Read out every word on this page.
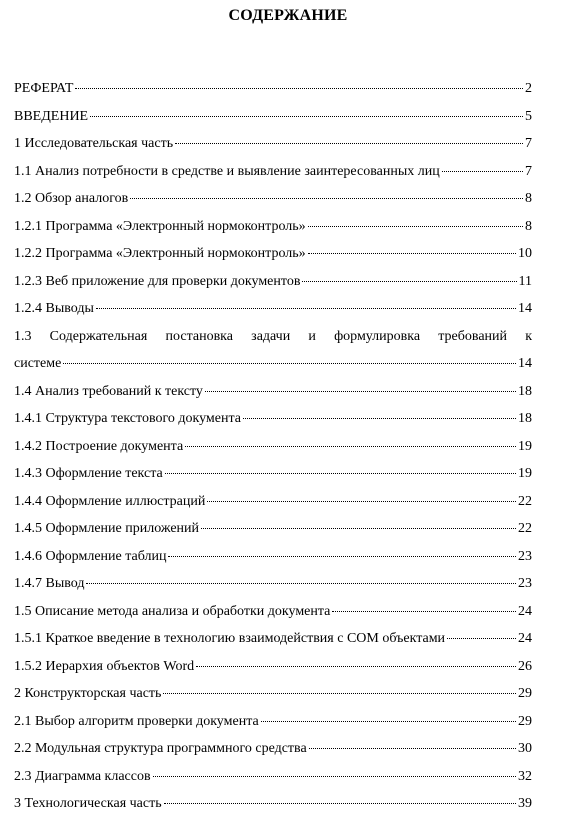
СОДЕРЖАНИЕ
РЕФЕРАТ	2
ВВЕДЕНИЕ	5
1 Исследовательская часть	7
1.1 Анализ потребности в средстве и выявление заинтересованных лиц	7
1.2 Обзор аналогов	8
1.2.1 Программа «Электронный нормоконтроль»	8
1.2.2 Программа «Электронный нормоконтроль»	10
1.2.3 Веб приложение для проверки документов	11
1.2.4 Выводы	14
1.3 Содержательная постановка задачи и формулировка требований к
системе	14
1.4 Анализ требований к тексту	18
1.4.1 Структура текстового документа	18
1.4.2 Построение документа	19
1.4.3 Оформление текста	19
1.4.4 Оформление иллюстраций	22
1.4.5 Оформление приложений	22
1.4.6 Оформление таблиц	23
1.4.7 Вывод	23
1.5 Описание метода анализа и обработки документа	24
1.5.1 Краткое введение в технологию взаимодействия с COM объектами	24
1.5.2 Иерархия объектов Word	26
2 Конструкторская часть	29
2.1 Выбор алгоритм проверки документа	29
2.2 Модульная структура программного средства	30
2.3 Диаграмма классов	32
3 Технологическая часть	39
